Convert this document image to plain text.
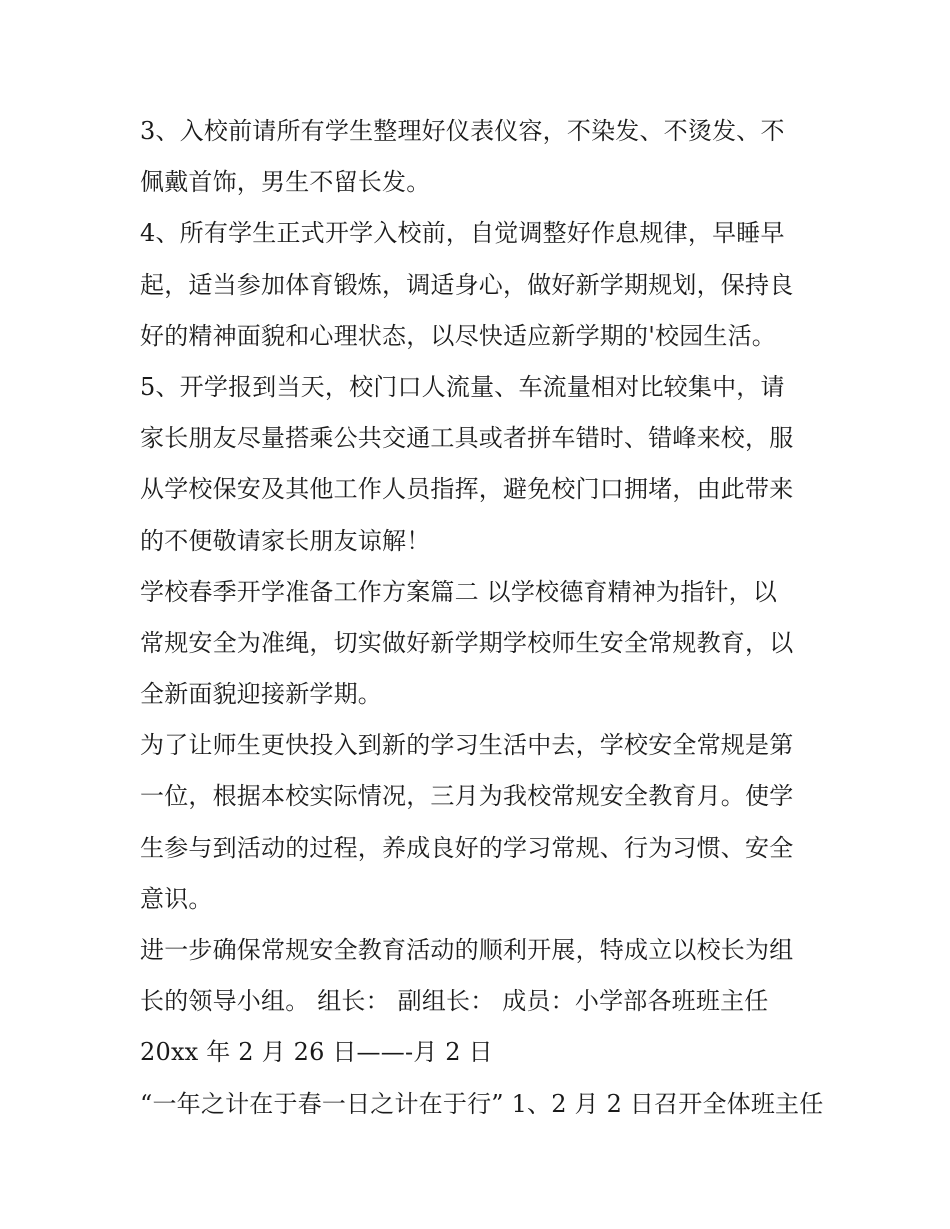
3、入校前请所有学生整理好仪表仪容，不染发、不烫发、不
佩戴首饰，男生不留长发。
4、所有学生正式开学入校前，自觉调整好作息规律，早睡早
起，适当参加体育锻炼，调适身心，做好新学期规划，保持良
好的精神面貌和心理状态，以尽快适应新学期的'校园生活。
5、开学报到当天，校门口人流量、车流量相对比较集中，请
家长朋友尽量搭乘公共交通工具或者拼车错时、错峰来校，服
从学校保安及其他工作人员指挥，避免校门口拥堵，由此带来
的不便敬请家长朋友谅解！
学校春季开学准备工作方案篇二 以学校德育精神为指针，以
常规安全为准绳，切实做好新学期学校师生安全常规教育，以
全新面貌迎接新学期。
为了让师生更快投入到新的学习生活中去，学校安全常规是第
一位，根据本校实际情况，三月为我校常规安全教育月。使学
生参与到活动的过程，养成良好的学习常规、行为习惯、安全
意识。
进一步确保常规安全教育活动的顺利开展，特成立以校长为组
长的领导小组。 组长： 副组长： 成员：小学部各班班主任
20xx 年 2 月 26 日——-月 2 日
“一年之计在于春一日之计在于行” 1、2 月 2 日召开全体班主任
